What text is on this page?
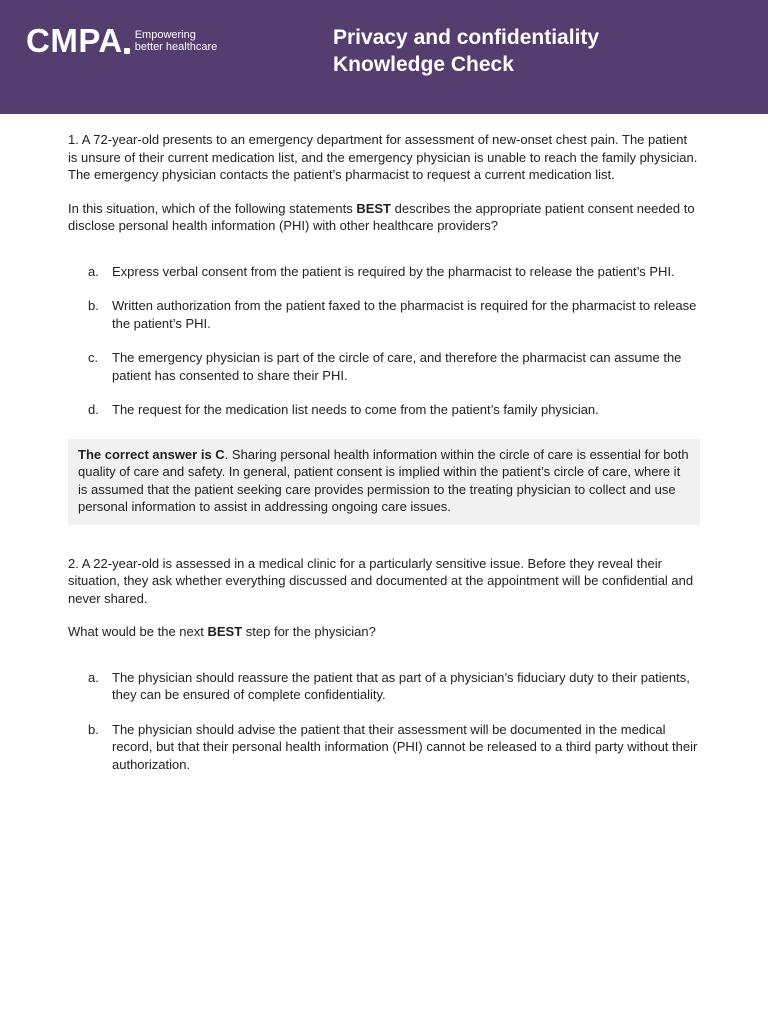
CMPA Empowering
better healthcare	Privacy and confidentiality
Knowledge Check

1. A 72-year-old presents to an emergency department for assessment of new-onset chest pain. The patient is unsure of their current medication list, and the emergency physician is unable to reach the family physician. The emergency physician contacts the patient’s pharmacist to request a current medication list.

In this situation, which of the following statements BEST describes the appropriate patient consent needed to disclose personal health information (PHI) with other healthcare providers?

a.	Express verbal consent from the patient is required by the pharmacist to release the patient’s PHI.
b.	Written authorization from the patient faxed to the pharmacist is required for the pharmacist to release the patient’s PHI.
c.	The emergency physician is part of the circle of care, and therefore the pharmacist can assume the patient has consented to share their PHI.
d.	The request for the medication list needs to come from the patient’s family physician.
The correct answer is C. Sharing personal health information within the circle of care is essential for both quality of care and safety. In general, patient consent is implied within the patient’s circle of care, where it is assumed that the patient seeking care provides permission to the treating physician to collect and use personal information to assist in addressing ongoing care issues.

2. A 22-year-old is assessed in a medical clinic for a particularly sensitive issue. Before they reveal their situation, they ask whether everything discussed and documented at the appointment will be confidential and never shared.

What would be the next BEST step for the physician?

a.	The physician should reassure the patient that as part of a physician’s fiduciary duty to their patients, they can be ensured of complete confidentiality.
b.	The physician should advise the patient that their assessment will be documented in the medical record, but that their personal health information (PHI) cannot be released to a third party without their authorization.
